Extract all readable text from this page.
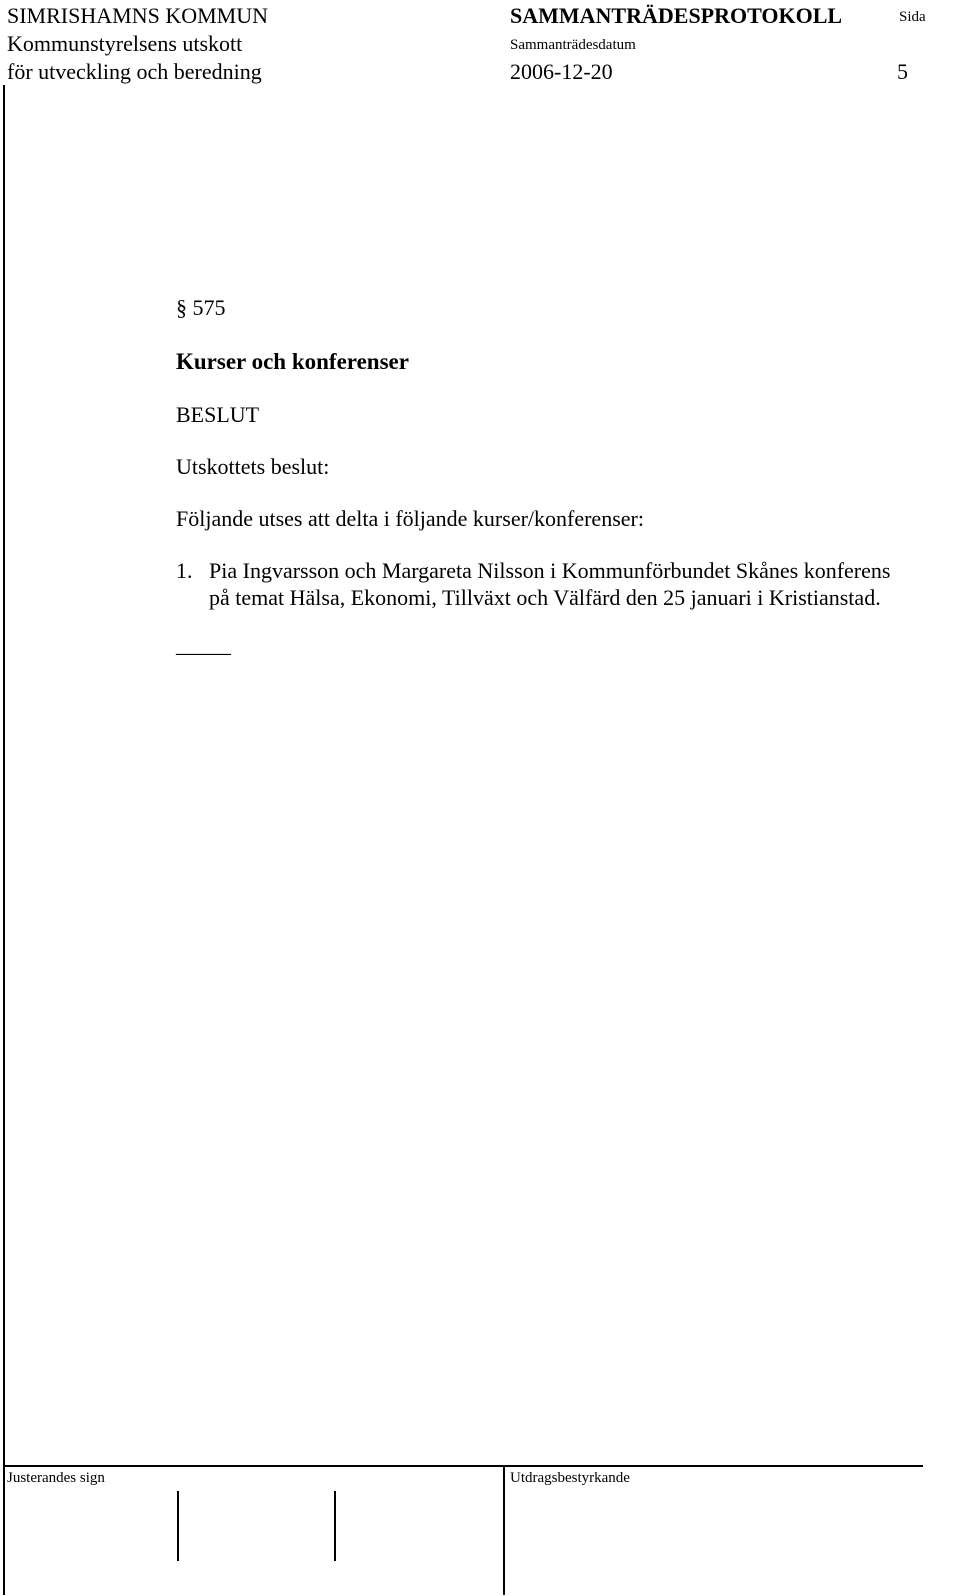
SIMRISHAMNS KOMMUN
Kommunstyrelsens utskott
för utveckling och beredning
SAMMANTRÄDESPROTOKOLL
Sammanträdesdatum
2006-12-20
Sida
5
§ 575
Kurser och konferenser
BESLUT
Utskottets beslut:
Följande utses att delta i följande kurser/konferenser:
1. Pia Ingvarsson och Margareta Nilsson i Kommunförbundet Skånes konferens
på temat Hälsa, Ekonomi, Tillväxt och Välfärd den 25 januari i Kristianstad.
_____
Justerandes sign	Utdragsbestyrkande
